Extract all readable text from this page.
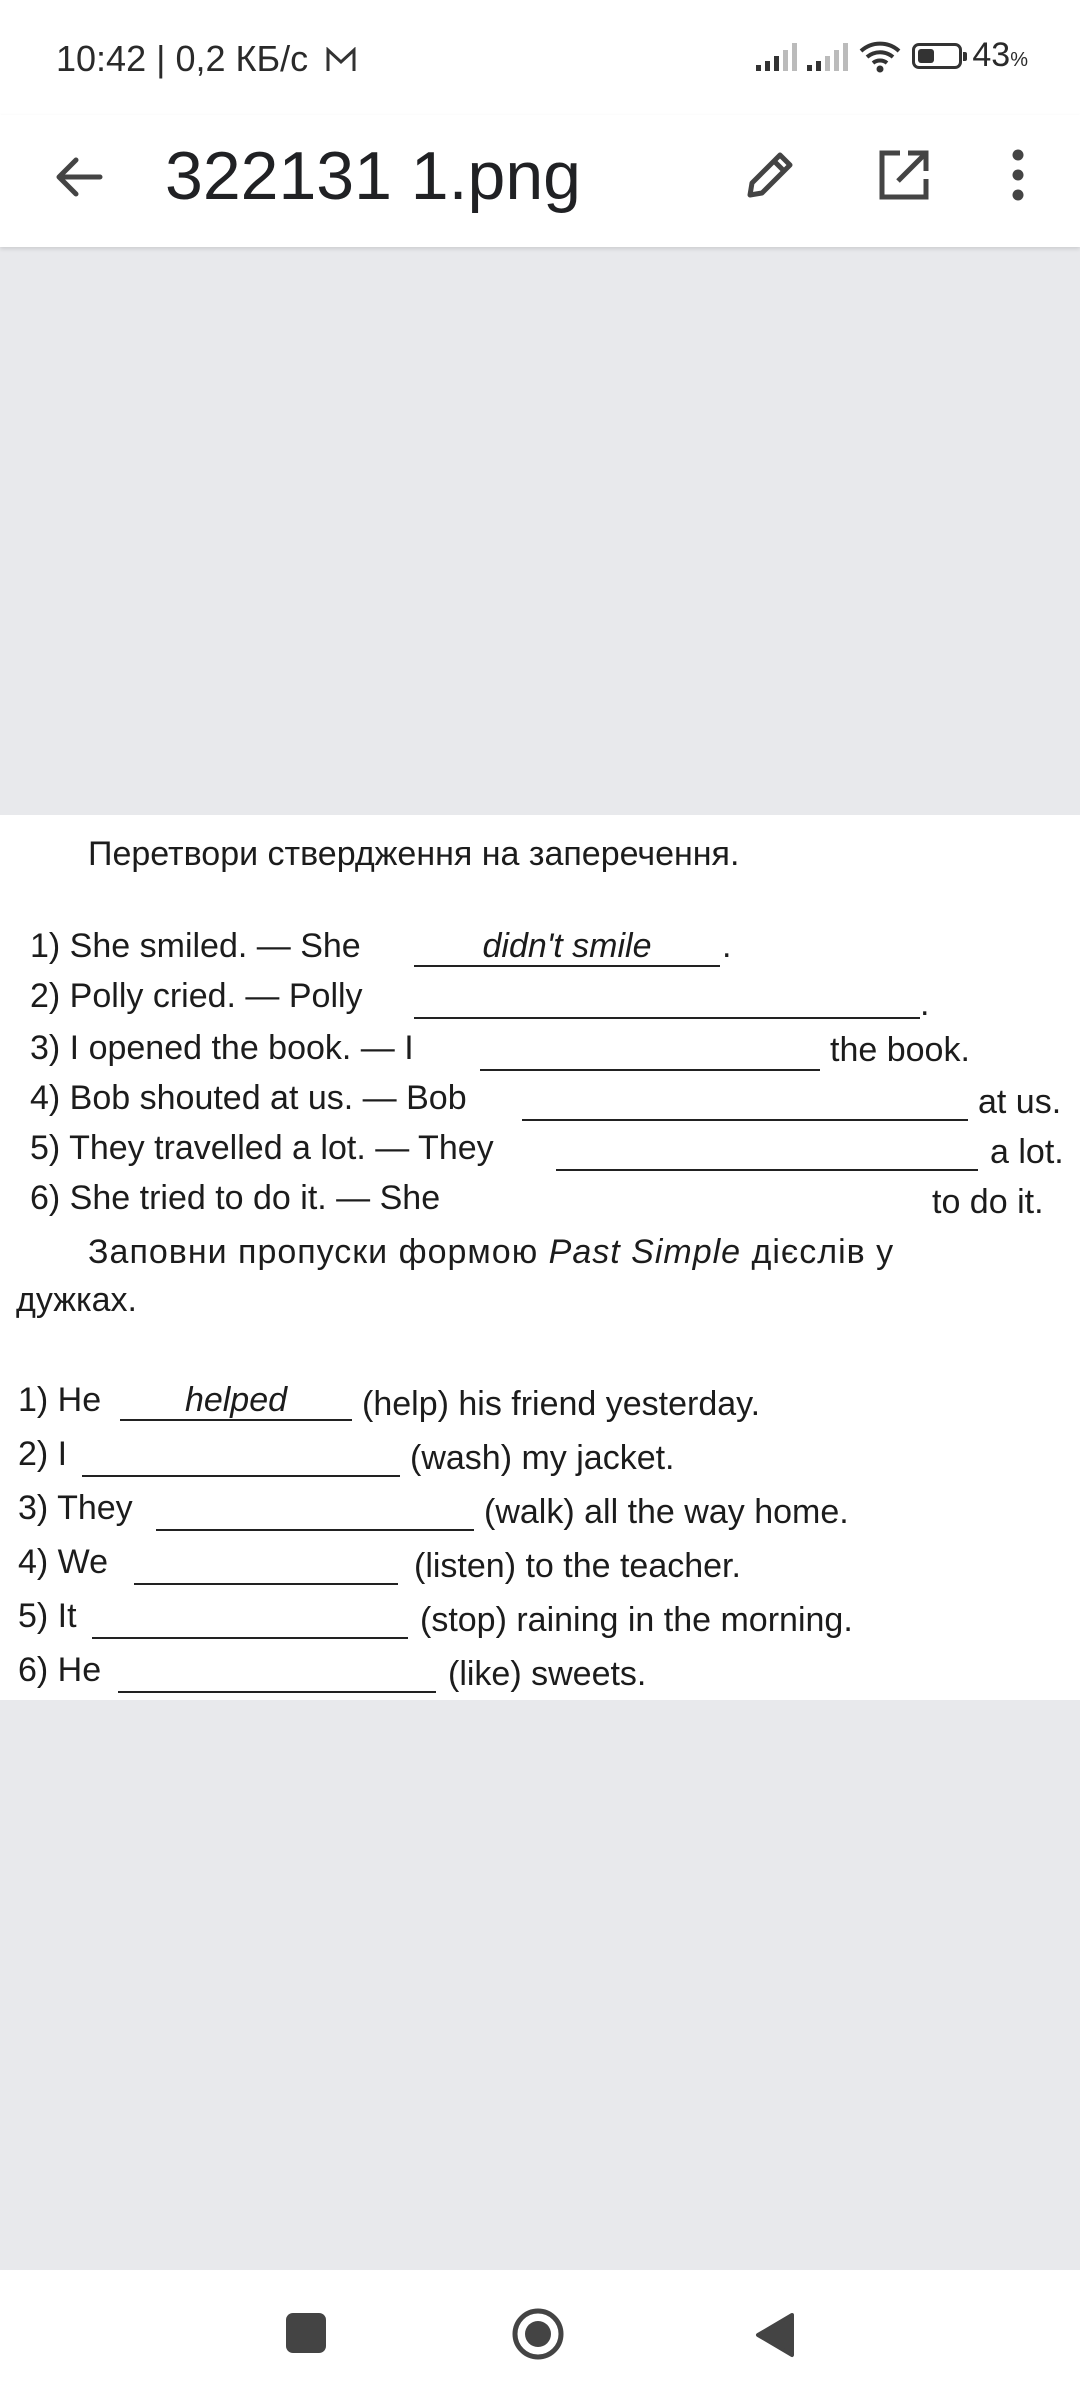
10:42 | 0,2 КБ/с	43%
322131 1.png
Перетвори ствердження на заперечення.
1) She smiled. — She	didn't smile	.
2) Polly cried. — Polly	.
3) I opened the book. — I	the book.
4) Bob shouted at us. — Bob	at us.
5) They travelled a lot. — They	a lot.
6) She tried to do it. — She	to do it.
Заповни пропуски формою Past Simple дієслів у
дужках.
1) He	helped	(help) his friend yesterday.
2) I	(wash) my jacket.
3) They	(walk) all the way home.
4) We	(listen) to the teacher.
5) It	(stop) raining in the morning.
6) He	(like) sweets.
